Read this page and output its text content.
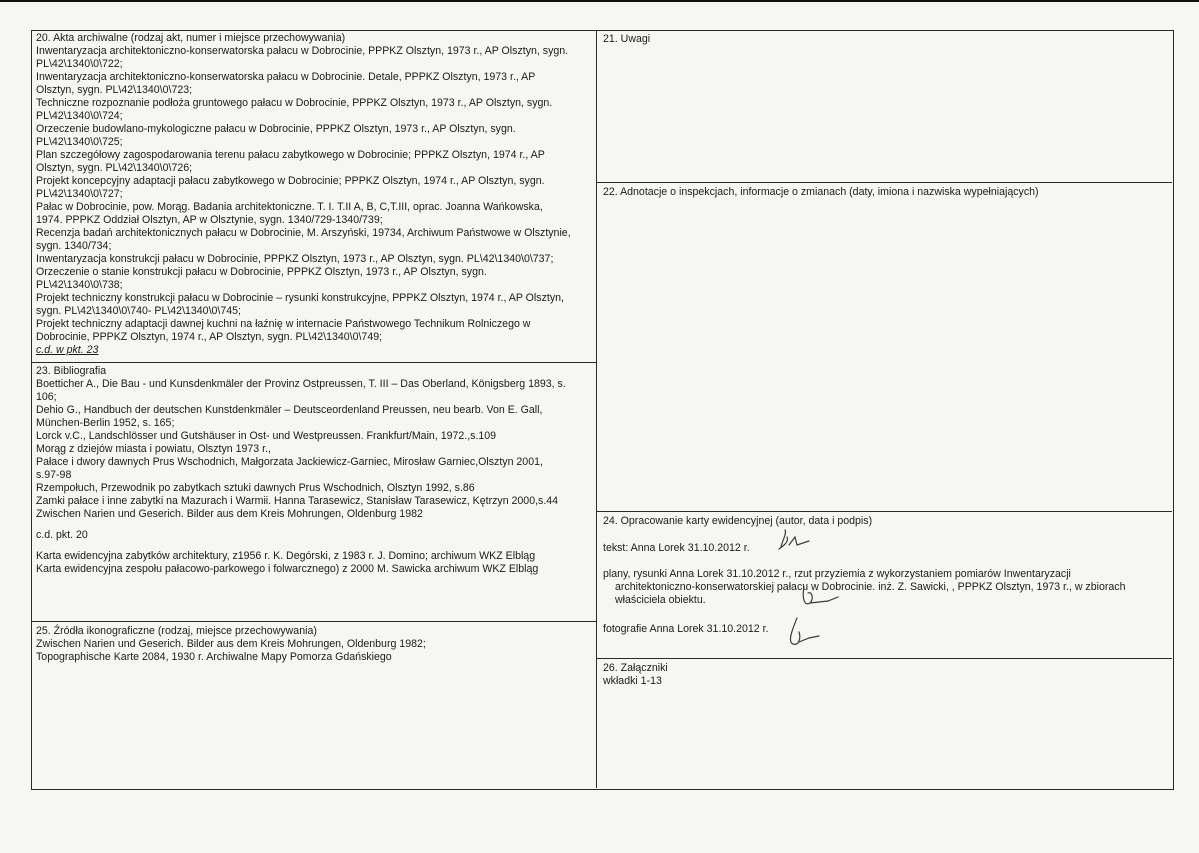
20. Akta archiwalne (rodzaj akt, numer i miejsce przechowywania)
Inwentaryzacja architektoniczno-konserwatorska pałacu w Dobrocinie, PPPKZ Olsztyn, 1973 r., AP Olsztyn, sygn.
PL\42\1340\0\722;
Inwentaryzacja architektoniczno-konserwatorska pałacu w Dobrocinie. Detale, PPPKZ Olsztyn, 1973 r., AP
Olsztyn, sygn. PL\42\1340\0\723;
Techniczne rozpoznanie podłoża gruntowego pałacu w Dobrocinie, PPPKZ Olsztyn, 1973 r., AP Olsztyn, sygn.
PL\42\1340\0\724;
Orzeczenie budowlano-mykologiczne pałacu w Dobrocinie, PPPKZ Olsztyn, 1973 r., AP Olsztyn, sygn.
PL\42\1340\0\725;
Plan szczegółowy zagospodarowania terenu pałacu zabytkowego w Dobrocinie; PPPKZ Olsztyn, 1974 r., AP
Olsztyn, sygn. PL\42\1340\0\726;
Projekt koncepcyjny adaptacji pałacu zabytkowego w Dobrocinie; PPPKZ Olsztyn, 1974 r., AP Olsztyn, sygn.
PL\42\1340\0\727;
Pałac w Dobrocinie, pow. Morąg. Badania architektoniczne. T. I. T.II A, B, C,T.III, oprac. Joanna Wańkowska,
1974. PPPKZ Oddział Olsztyn, AP w Olsztynie, sygn. 1340/729-1340/739;
Recenzja badań architektonicznych pałacu w Dobrocinie, M. Arszyński, 19734, Archiwum Państwowe w Olsztynie,
sygn. 1340/734;
Inwentaryzacja konstrukcji pałacu w Dobrocinie, PPPKZ Olsztyn, 1973 r., AP Olsztyn, sygn. PL\42\1340\0\737;
Orzeczenie o stanie konstrukcji pałacu w Dobrocinie, PPPKZ Olsztyn, 1973 r., AP Olsztyn, sygn.
PL\42\1340\0\738;
Projekt techniczny konstrukcji pałacu w Dobrocinie – rysunki konstrukcyjne, PPPKZ Olsztyn, 1974 r., AP Olsztyn,
sygn. PL\42\1340\0\740- PL\42\1340\0\745;
Projekt techniczny adaptacji dawnej kuchni na łaźnię w internacie Państwowego Technikum Rolniczego w
Dobrocinie, PPPKZ Olsztyn, 1974 r., AP Olsztyn, sygn. PL\42\1340\0\749;
c.d. w pkt. 23
23. Bibliografia
Boetticher A., Die Bau - und Kunsdenkmäler der Provinz Ostpreussen, T. III – Das Oberland, Königsberg 1893, s.
106;
Dehio G., Handbuch der deutschen Kunstdenkmäler – Deutsceordenland Preussen, neu bearb. Von E. Gall,
München-Berlin 1952, s. 165;
Lorck v.C., Landschlösser und Gutshäuser in Ost- und Westpreussen. Frankfurt/Main, 1972.,s.109
Morąg z dziejów miasta i powiatu, Olsztyn 1973 r.,
Pałace i dwory dawnych Prus Wschodnich, Małgorzata Jackiewicz-Garniec, Mirosław Garniec,Olsztyn 2001,
s.97-98
Rzempołuch, Przewodnik po zabytkach sztuki dawnych Prus Wschodnich, Olsztyn 1992, s.86
Zamki pałace i inne zabytki na Mazurach i Warmii. Hanna Tarasewicz, Stanisław Tarasewicz, Kętrzyn 2000,s.44
Zwischen Narien und Geserich. Bilder aus dem Kreis Mohrungen, Oldenburg 1982
c.d. pkt. 20
Karta ewidencyjna zabytków architektury, z1956 r. K. Degórski, z 1983 r. J. Domino; archiwum WKZ Elbląg
Karta ewidencyjna zespołu pałacowo-parkowego i folwarcznego) z 2000 M. Sawicka archiwum WKZ Elbląg
25. Źródła ikonograficzne (rodzaj, miejsce przechowywania)
Zwischen Narien und Geserich. Bilder aus dem Kreis Mohrungen, Oldenburg 1982;
Topographische Karte 2084, 1930 r. Archiwalne Mapy Pomorza Gdańskiego
21. Uwagi
22. Adnotacje o inspekcjach, informacje o zmianach (daty, imiona i nazwiska wypełniających)
24. Opracowanie karty ewidencyjnej (autor, data i podpis)
tekst: Anna Lorek 31.10.2012 r.
plany, rysunki Anna Lorek 31.10.2012 r., rzut przyziemia z wykorzystaniem pomiarów Inwentaryzacji
architektoniczno-konserwatorskiej pałacu w Dobrocinie. inż. Z. Sawicki, , PPPKZ Olsztyn, 1973 r., w zbiorach
właściciela obiektu.
fotografie Anna Lorek 31.10.2012 r.
26. Załączniki
wkładki 1-13
